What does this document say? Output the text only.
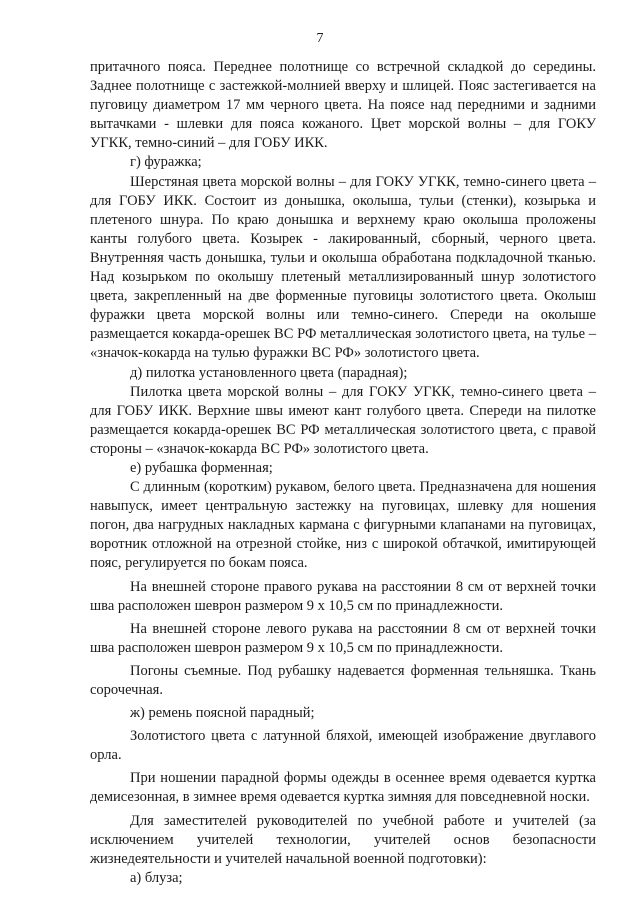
7

притачного пояса. Переднее полотнище со встречной складкой до середины. Заднее полотнище с застежкой-молнией вверху и шлицей. Пояс застегивается на пуговицу диаметром 17 мм черного цвета. На поясе над передними и задними вытачками - шлевки для пояса кожаного. Цвет морской волны – для ГОКУ УГКК, темно-синий – для ГОБУ ИКК.

г) фуражка;

Шерстяная цвета морской волны – для ГОКУ УГКК, темно-синего цвета – для ГОБУ ИКК. Состоит из донышка, околыша, тульи (стенки), козырька и плетеного шнура. По краю донышка и верхнему краю околыша проложены канты голубого цвета. Козырек - лакированный, сборный, черного цвета. Внутренняя часть донышка, тульи и околыша обработана подкладочной тканью. Над козырьком по околышу плетеный металлизированный шнур золотистого цвета, закрепленный на две форменные пуговицы золотистого цвета. Околыш фуражки цвета морской волны или темно-синего. Спереди на околыше размещается кокарда-орешек ВС РФ металлическая золотистого цвета, на тулье – «значок-кокарда на тулью фуражки ВС РФ» золотистого цвета.

д) пилотка установленного цвета (парадная);

Пилотка цвета морской волны – для ГОКУ УГКК, темно-синего цвета – для ГОБУ ИКК. Верхние швы имеют кант голубого цвета. Спереди на пилотке размещается кокарда-орешек ВС РФ металлическая золотистого цвета, с правой стороны – «значок-кокарда ВС РФ» золотистого цвета.

е) рубашка форменная;

С длинным (коротким) рукавом, белого цвета. Предназначена для ношения навыпуск, имеет центральную застежку на пуговицах, шлевку для ношения погон, два нагрудных накладных кармана с фигурными клапанами на пуговицах, воротник отложной на отрезной стойке, низ с широкой обтачкой, имитирующей пояс, регулируется по бокам пояса.

На внешней стороне правого рукава на расстоянии 8 см от верхней точки шва расположен шеврон размером 9 х 10,5 см по принадлежности.

На внешней стороне левого рукава на расстоянии 8 см от верхней точки шва расположен шеврон размером 9 х 10,5 см по принадлежности.

Погоны съемные. Под рубашку надевается форменная тельняшка. Ткань сорочечная.

ж) ремень поясной парадный;

Золотистого цвета с латунной бляхой, имеющей изображение двуглавого орла.

При ношении парадной формы одежды в осеннее время одевается куртка демисезонная, в зимнее время одевается куртка зимняя для повседневной носки.

Для заместителей руководителей по учебной работе и учителей (за исключением учителей технологии, учителей основ безопасности жизнедеятельности и учителей начальной военной подготовки):

а) блуза;
